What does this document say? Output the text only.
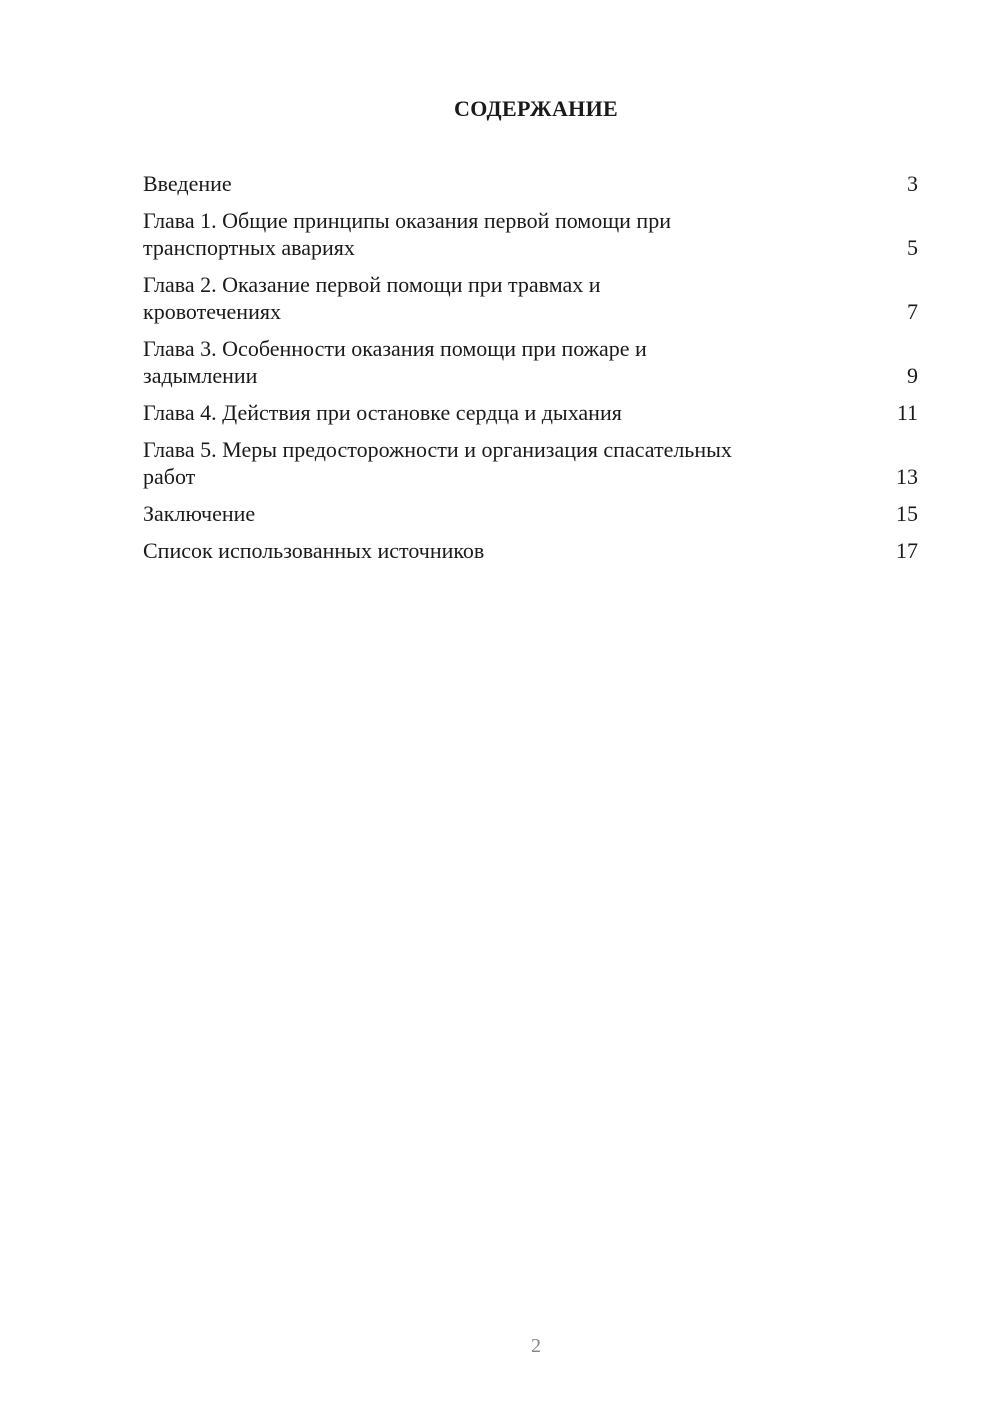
СОДЕРЖАНИЕ
Введение	3
Глава 1. Общие принципы оказания первой помощи при
транспортных авариях	5
Глава 2. Оказание первой помощи при травмах и
кровотечениях	7
Глава 3. Особенности оказания помощи при пожаре и
задымлении	9
Глава 4. Действия при остановке сердца и дыхания	11
Глава 5. Меры предосторожности и организация спасательных
работ	13
Заключение	15
Список использованных источников	17
2
